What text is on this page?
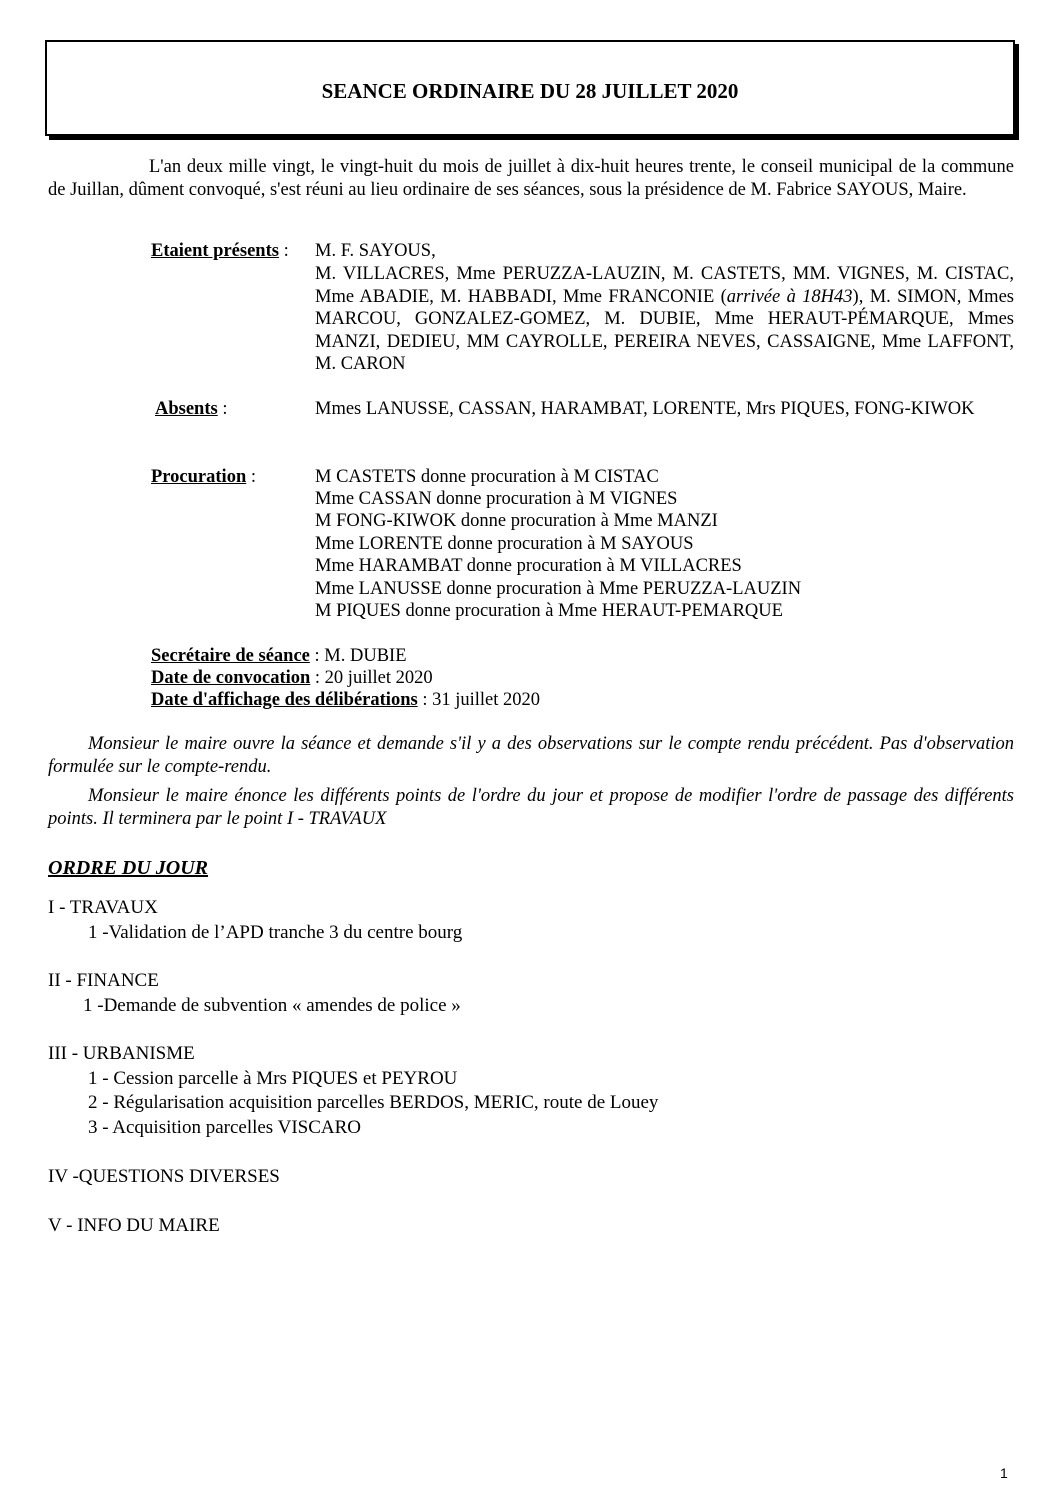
SEANCE ORDINAIRE DU 28 JUILLET 2020
L'an deux mille vingt, le vingt-huit du mois de juillet à dix-huit heures trente, le conseil municipal de la commune de Juillan, dûment convoqué, s'est réuni au lieu ordinaire de ses séances, sous la présidence de M. Fabrice SAYOUS, Maire.
Etaient présents : M. F. SAYOUS,
M. VILLACRES, Mme PERUZZA-LAUZIN, M. CASTETS, MM. VIGNES, M. CISTAC, Mme ABADIE, M. HABBADI, Mme FRANCONIE (arrivée à 18H43), M. SIMON, Mmes MARCOU, GONZALEZ-GOMEZ, M. DUBIE, Mme HERAUT-PÉMARQUE, Mmes MANZI, DEDIEU, MM CAYROLLE, PEREIRA NEVES, CASSAIGNE, Mme LAFFONT, M. CARON
Absents :	Mmes LANUSSE, CASSAN, HARAMBAT, LORENTE, Mrs PIQUES, FONG-KIWOK
Procuration :	M CASTETS donne procuration à M CISTAC
Mme CASSAN donne procuration à M VIGNES
M FONG-KIWOK donne procuration à Mme MANZI
Mme LORENTE donne procuration à M SAYOUS
Mme HARAMBAT donne procuration à M VILLACRES
Mme LANUSSE donne procuration à Mme PERUZZA-LAUZIN
M PIQUES donne procuration à Mme HERAUT-PEMARQUE
Secrétaire de séance : M. DUBIE
Date de convocation : 20 juillet 2020
Date d'affichage des délibérations : 31 juillet 2020
Monsieur le maire ouvre la séance et demande s'il y a des observations sur le compte rendu précédent. Pas d'observation formulée sur le compte-rendu.
Monsieur le maire énonce les différents points de l'ordre du jour et propose de modifier l'ordre de passage des différents points. Il terminera par le point I - TRAVAUX
ORDRE DU JOUR
I - TRAVAUX
1 -Validation de l’APD tranche 3 du centre bourg
II - FINANCE
1 -Demande de subvention « amendes de police »
III - URBANISME
1 - Cession parcelle à Mrs PIQUES et PEYROU
2 - Régularisation acquisition parcelles BERDOS, MERIC, route de Louey
3 - Acquisition parcelles VISCARO
IV -QUESTIONS DIVERSES
V - INFO DU MAIRE
1
